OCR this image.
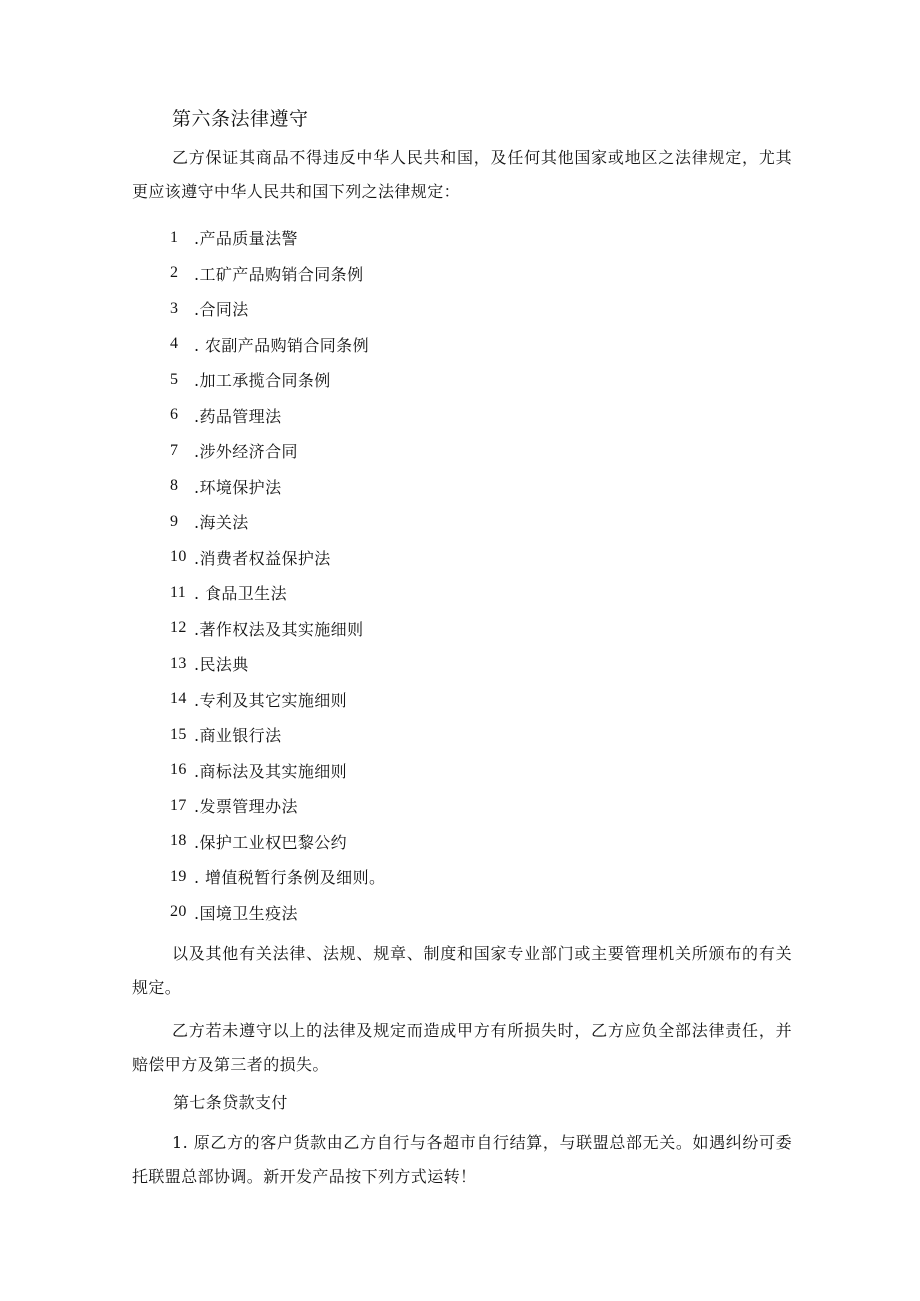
第六条法律遵守
乙方保证其商品不得违反中华人民共和国，及任何其他国家或地区之法律规定，尤其更应该遵守中华人民共和国下列之法律规定：
1 .产品质量法警
2 .工矿产品购销合同条例
3 .合同法
4 . 农副产品购销合同条例
5 .加工承揽合同条例
6 .药品管理法
7 .涉外经济合同
8 .环境保护法
9 .海关法
10 .消费者权益保护法
11 . 食品卫生法
12 .著作权法及其实施细则
13 .民法典
14 .专利及其它实施细则
15 .商业银行法
16 .商标法及其实施细则
17 .发票管理办法
18 .保护工业权巴黎公约
19 . 增值税暂行条例及细则。
20 .国境卫生疫法
以及其他有关法律、法规、规章、制度和国家专业部门或主要管理机关所颁布的有关规定。
乙方若未遵守以上的法律及规定而造成甲方有所损失时，乙方应负全部法律责任，并赔偿甲方及第三者的损失。
第七条贷款支付
1. 原乙方的客户货款由乙方自行与各超市自行结算，与联盟总部无关。如遇纠纷可委托联盟总部协调。新开发产品按下列方式运转！
